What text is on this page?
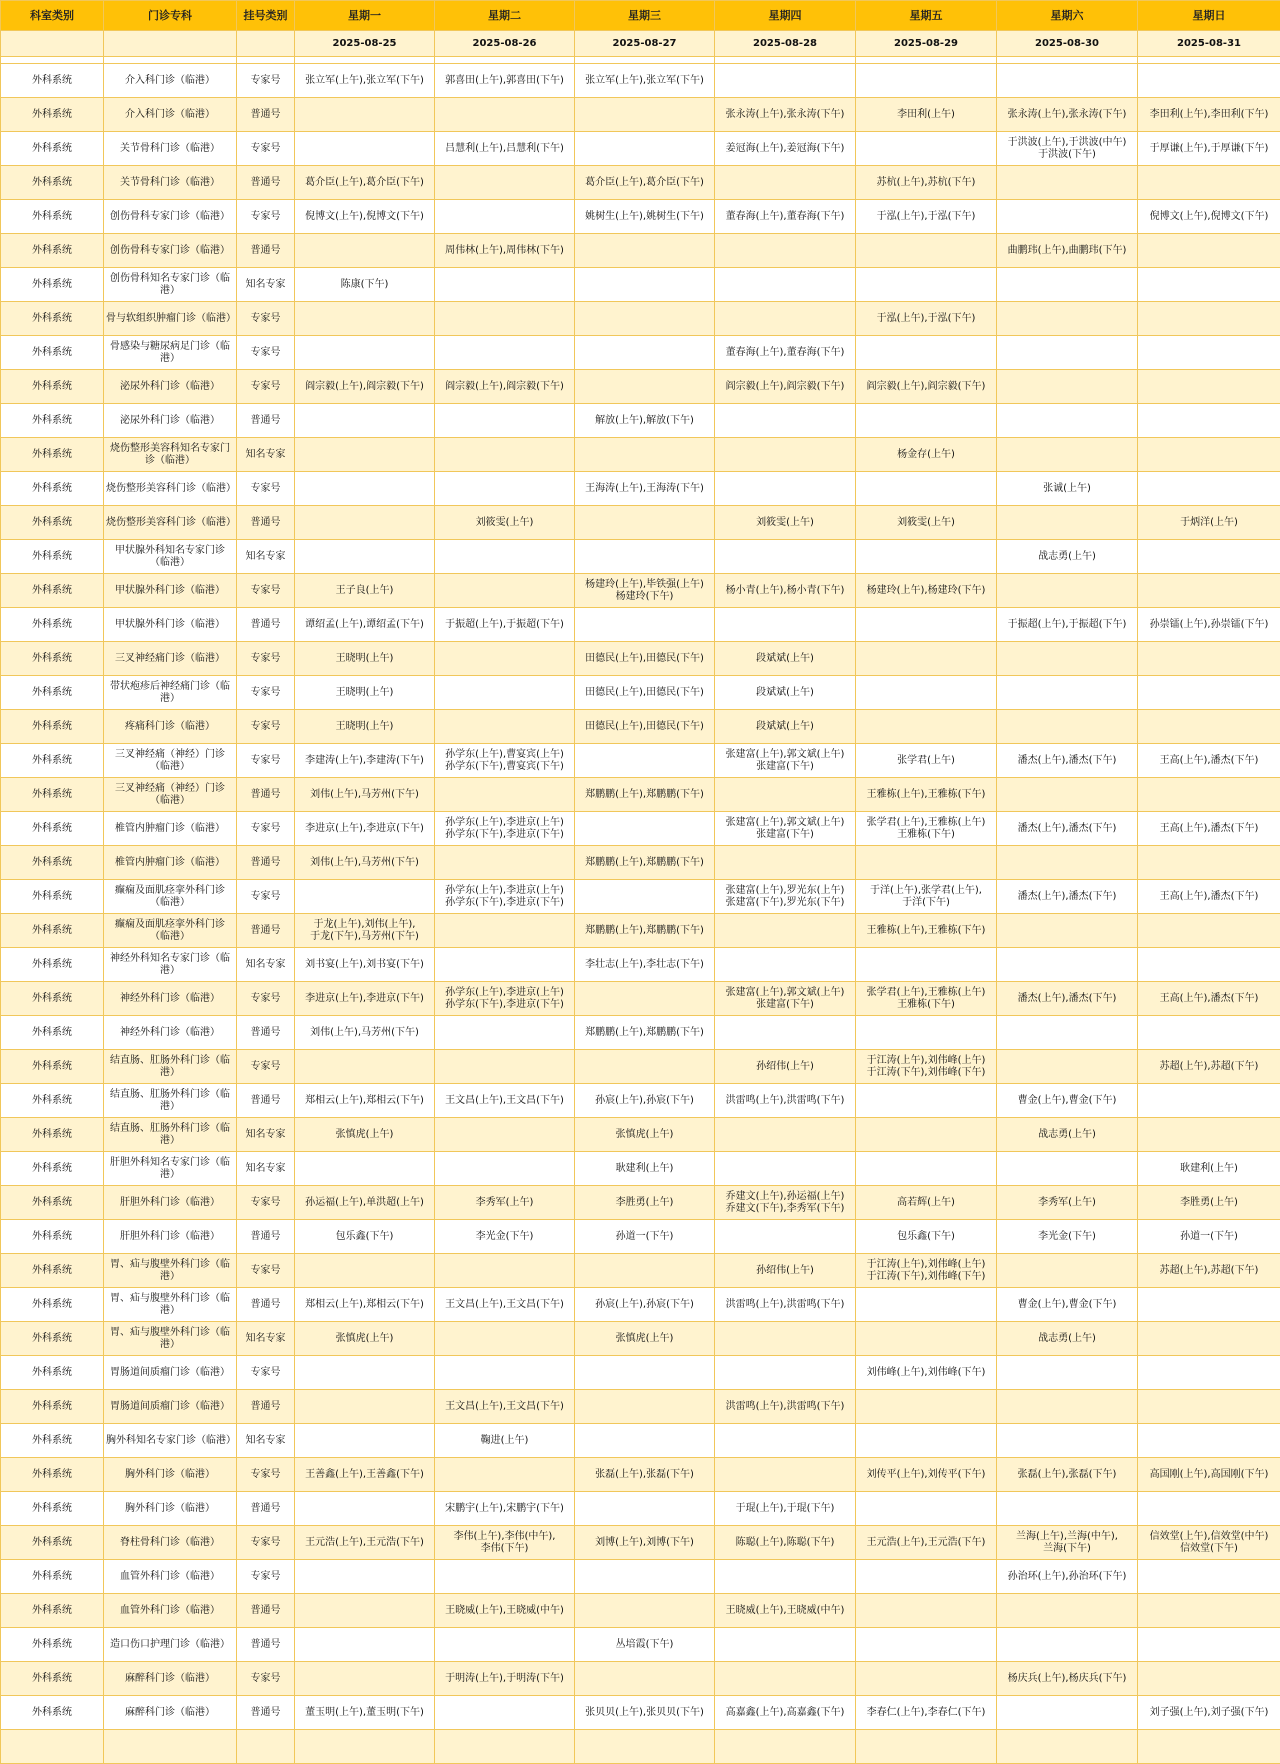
科室类别	门诊专科	挂号类别	星期一	星期二	星期三	星期四	星期五	星期六	星期日
			2025-08-25	2025-08-26	2025-08-27	2025-08-28	2025-08-29	2025-08-30	2025-08-31

外科系统	介入科门诊（临港）	专家号	张立军(上午),张立军(下午)	郭喜田(上午),郭喜田(下午)	张立军(上午),张立军(下午)				

外科系统	介入科门诊（临港）	普通号				张永涛(上午),张永涛(下午)	李田利(上午)	张永涛(上午),张永涛(下午)	李田利(上午),李田利(下午)

外科系统	关节骨科门诊（临港）	专家号		吕慧利(上午),吕慧利(下午)		姜冠海(上午),姜冠海(下午)		于洪波(上午),于洪波(中午)
于洪波(下午)	于厚谦(上午),于厚谦(下午)

外科系统	关节骨科门诊（临港）	普通号	葛介臣(上午),葛介臣(下午)		葛介臣(上午),葛介臣(下午)		苏杭(上午),苏杭(下午)		

外科系统	创伤骨科专家门诊（临港）	专家号	倪博文(上午),倪博文(下午)		姚树生(上午),姚树生(下午)	董春海(上午),董春海(下午)	于泓(上午),于泓(下午)		倪博文(上午),倪博文(下午)

外科系统	创伤骨科专家门诊（临港）	普通号		周伟林(上午),周伟林(下午)				曲鹏玮(上午),曲鹏玮(下午)	

外科系统	创伤骨科知名专家门诊（临港）	知名专家	陈康(下午)						

外科系统	骨与软组织肿瘤门诊（临港）	专家号					于泓(上午),于泓(下午)		

外科系统	骨感染与糖尿病足门诊（临港）	专家号				董春海(上午),董春海(下午)			

外科系统	泌尿外科门诊（临港）	专家号	阎宗毅(上午),阎宗毅(下午)	阎宗毅(上午),阎宗毅(下午)		阎宗毅(上午),阎宗毅(下午)	阎宗毅(上午),阎宗毅(下午)		

外科系统	泌尿外科门诊（临港）	普通号			解放(上午),解放(下午)				

外科系统	烧伤整形美容科知名专家门诊（临港）	知名专家					杨金存(上午)		

外科系统	烧伤整形美容科门诊（临港）	专家号			王海涛(上午),王海涛(下午)			张诚(上午)	

外科系统	烧伤整形美容科门诊（临港）	普通号		刘筱雯(上午)		刘筱雯(上午)	刘筱雯(上午)		于炳洋(上午)

外科系统	甲状腺外科知名专家门诊（临港）	知名专家						战志勇(上午)	

外科系统	甲状腺外科门诊（临港）	专家号	王子良(上午)		杨建玲(上午),毕铁强(上午)
杨建玲(下午)	杨小青(上午),杨小青(下午)	杨建玲(上午),杨建玲(下午)		

外科系统	甲状腺外科门诊（临港）	普通号	谭绍孟(上午),谭绍孟(下午)	于振超(上午),于振超(下午)				于振超(上午),于振超(下午)	孙崇镭(上午),孙崇镭(下午)

外科系统	三叉神经痛门诊（临港）	专家号	王晓明(上午)		田德民(上午),田德民(下午)	段斌斌(上午)			

外科系统	带状疱疹后神经痛门诊（临港）	专家号	王晓明(上午)		田德民(上午),田德民(下午)	段斌斌(上午)			

外科系统	疼痛科门诊（临港）	专家号	王晓明(上午)		田德民(上午),田德民(下午)	段斌斌(上午)			

外科系统	三叉神经痛（神经）门诊（临港）	专家号	李建涛(上午),李建涛(下午)	孙学东(上午),曹宴宾(上午)
孙学东(下午),曹宴宾(下午)		张建富(上午),郭文斌(上午)
张建富(下午)	张学君(上午)	潘杰(上午),潘杰(下午)	王高(上午),潘杰(下午)

外科系统	三叉神经痛（神经）门诊（临港）	普通号	刘伟(上午),马芳州(下午)		郑鹏鹏(上午),郑鹏鹏(下午)		王雅栋(上午),王雅栋(下午)		

外科系统	椎管内肿瘤门诊（临港）	专家号	李进京(上午),李进京(下午)	孙学东(上午),李进京(上午)
孙学东(下午),李进京(下午)		张建富(上午),郭文斌(上午)
张建富(下午)	张学君(上午),王雅栋(上午)
王雅栋(下午)	潘杰(上午),潘杰(下午)	王高(上午),潘杰(下午)

外科系统	椎管内肿瘤门诊（临港）	普通号	刘伟(上午),马芳州(下午)		郑鹏鹏(上午),郑鹏鹏(下午)				

外科系统	癫痫及面肌痉挛外科门诊（临港）	专家号		孙学东(上午),李进京(上午)
孙学东(下午),李进京(下午)		张建富(上午),罗光东(上午)
张建富(下午),罗光东(下午)	于洋(上午),张学君(上午),
于洋(下午)	潘杰(上午),潘杰(下午)	王高(上午),潘杰(下午)

外科系统	癫痫及面肌痉挛外科门诊（临港）	普通号	于龙(上午),刘伟(上午),
于龙(下午),马芳州(下午)		郑鹏鹏(上午),郑鹏鹏(下午)		王雅栋(上午),王雅栋(下午)		

外科系统	神经外科知名专家门诊（临港）	知名专家	刘书宴(上午),刘书宴(下午)		李壮志(上午),李壮志(下午)				

外科系统	神经外科门诊（临港）	专家号	李进京(上午),李进京(下午)	孙学东(上午),李进京(上午)
孙学东(下午),李进京(下午)		张建富(上午),郭文斌(上午)
张建富(下午)	张学君(上午),王雅栋(上午)
王雅栋(下午)	潘杰(上午),潘杰(下午)	王高(上午),潘杰(下午)

外科系统	神经外科门诊（临港）	普通号	刘伟(上午),马芳州(下午)		郑鹏鹏(上午),郑鹏鹏(下午)				

外科系统	结直肠、肛肠外科门诊（临港）	专家号				孙绍伟(上午)	于江涛(上午),刘伟峰(上午)
于江涛(下午),刘伟峰(下午)		苏超(上午),苏超(下午)

外科系统	结直肠、肛肠外科门诊（临港）	普通号	郑相云(上午),郑相云(下午)	王文昌(上午),王文昌(下午)	孙宸(上午),孙宸(下午)	洪雷鸣(上午),洪雷鸣(下午)		曹金(上午),曹金(下午)	

外科系统	结直肠、肛肠外科门诊（临港）	知名专家	张慎虎(上午)		张慎虎(上午)			战志勇(上午)	

外科系统	肝胆外科知名专家门诊（临港）	知名专家			耿建利(上午)				耿建利(上午)

外科系统	肝胆外科门诊（临港）	专家号	孙运福(上午),单洪超(上午)	李秀军(上午)	李胜勇(上午)	乔建文(上午),孙运福(上午)
乔建文(下午),李秀军(下午)	高若辉(上午)	李秀军(上午)	李胜勇(上午)

外科系统	肝胆外科门诊（临港）	普通号	包乐鑫(下午)	李光金(下午)	孙道一(下午)		包乐鑫(下午)	李光金(下午)	孙道一(下午)

外科系统	胃、疝与腹壁外科门诊（临港）	专家号				孙绍伟(上午)	于江涛(上午),刘伟峰(上午)
于江涛(下午),刘伟峰(下午)		苏超(上午),苏超(下午)

外科系统	胃、疝与腹壁外科门诊（临港）	普通号	郑相云(上午),郑相云(下午)	王文昌(上午),王文昌(下午)	孙宸(上午),孙宸(下午)	洪雷鸣(上午),洪雷鸣(下午)		曹金(上午),曹金(下午)	

外科系统	胃、疝与腹壁外科门诊（临港）	知名专家	张慎虎(上午)		张慎虎(上午)			战志勇(上午)	

外科系统	胃肠道间质瘤门诊（临港）	专家号					刘伟峰(上午),刘伟峰(下午)		

外科系统	胃肠道间质瘤门诊（临港）	普通号		王文昌(上午),王文昌(下午)		洪雷鸣(上午),洪雷鸣(下午)			

外科系统	胸外科知名专家门诊（临港）	知名专家		鞠进(上午)					

外科系统	胸外科门诊（临港）	专家号	王善鑫(上午),王善鑫(下午)		张磊(上午),张磊(下午)		刘传平(上午),刘传平(下午)	张磊(上午),张磊(下午)	高国刚(上午),高国刚(下午)

外科系统	胸外科门诊（临港）	普通号		宋鹏宇(上午),宋鹏宇(下午)		于琨(上午),于琨(下午)			

外科系统	脊柱骨科门诊（临港）	专家号	王元浩(上午),王元浩(下午)	李伟(上午),李伟(中午),
李伟(下午)	刘博(上午),刘博(下午)	陈聪(上午),陈聪(下午)	王元浩(上午),王元浩(下午)	兰海(上午),兰海(中午),
兰海(下午)	信效堂(上午),信效堂(中午)
信效堂(下午)

外科系统	血管外科门诊（临港）	专家号						孙治环(上午),孙治环(下午)	

外科系统	血管外科门诊（临港）	普通号		王晓威(上午),王晓威(中午)		王晓威(上午),王晓威(中午)			

外科系统	造口伤口护理门诊（临港）	普通号			丛培霞(下午)				

外科系统	麻醉科门诊（临港）	专家号		于明涛(上午),于明涛(下午)				杨庆兵(上午),杨庆兵(下午)	

外科系统	麻醉科门诊（临港）	普通号	董玉明(上午),董玉明(下午)		张贝贝(上午),张贝贝(下午)	高嘉鑫(上午),高嘉鑫(下午)	李春仁(上午),李春仁(下午)		刘子强(上午),刘子强(下午)
